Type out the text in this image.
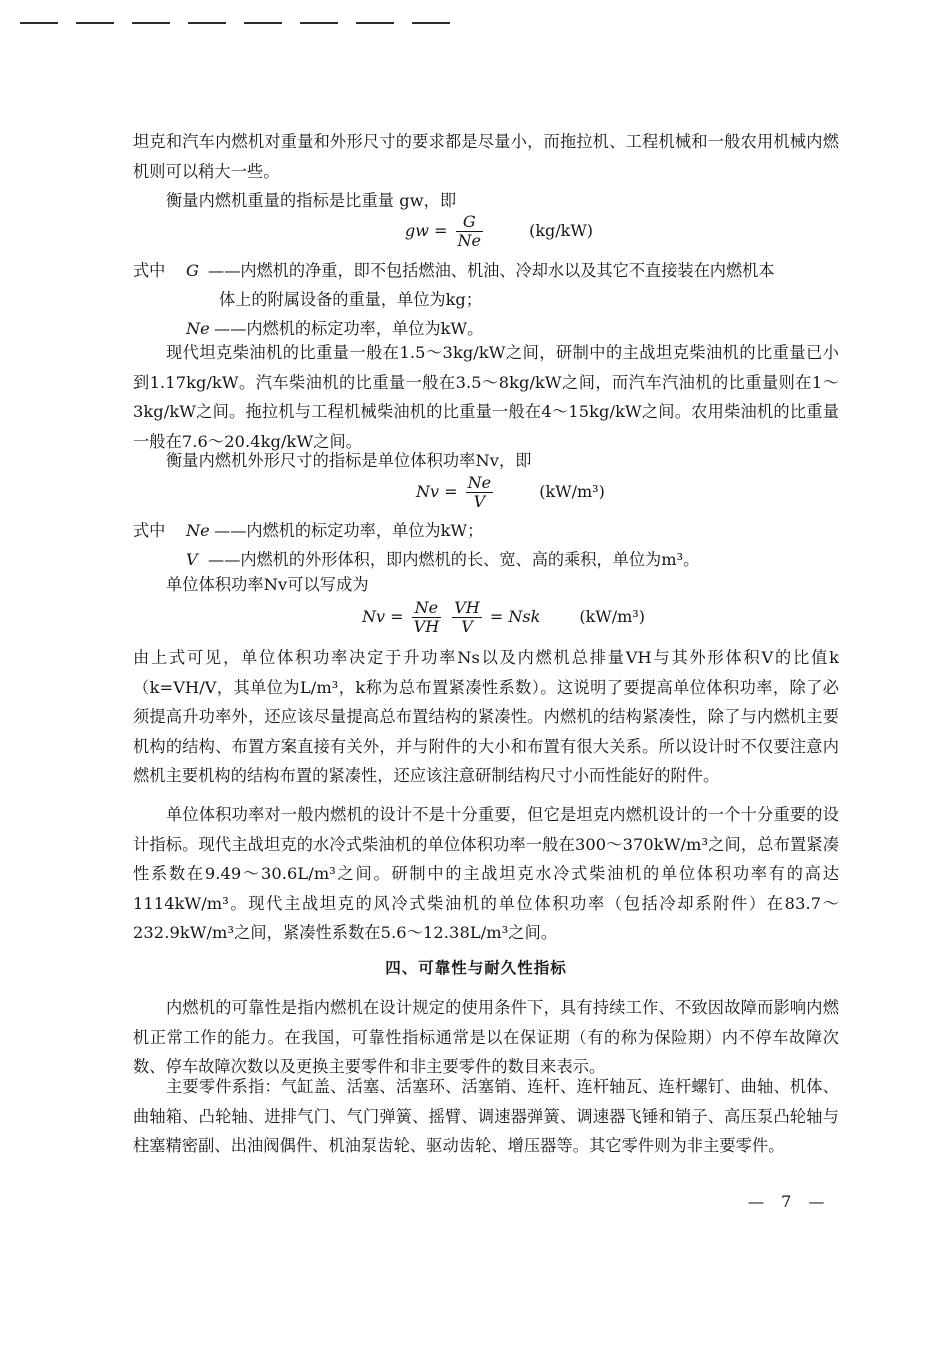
坦克和汽车内燃机对重量和外形尺寸的要求都是尽量小，而拖拉机、工程机械和一般农用机械内燃机则可以稍大一些。

衡量内燃机重量的指标是比重量 gw，即

gw = $\frac{G}{Ne}$	(kg/kW)
式中 G ——内燃机的净重，即不包括燃油、机油、冷却水以及其它不直接装在内燃机本
体上的附属设备的重量，单位为kg；
Ne ——内燃机的标定功率，单位为kW。

现代坦克柴油机的比重量一般在1.5～3kg/kW之间，研制中的主战坦克柴油机的比重量已小到1.17kg/kW。汽车柴油机的比重量一般在3.5～8kg/kW之间，而汽车汽油机的比重量则在1～3kg/kW之间。拖拉机与工程机械柴油机的比重量一般在4～15kg/kW之间。农用柴油机的比重量一般在7.6～20.4kg/kW之间。

衡量内燃机外形尺寸的指标是单位体积功率Nv，即

$Nv = \frac{Ne}{V}$	(kW/m³)
式中 Ne ——内燃机的标定功率，单位为kW；
V ——内燃机的外形体积，即内燃机的长、宽、高的乘积，单位为m³。

单位体积功率Nv可以写成为

$Nv = \frac{Ne}{VH}$
$\frac{VH}{V}$ = Nsk (kW/m³)

由上式可见，单位体积功率决定于升功率Ns以及内燃机总排量VH与其外形体积V的比值k（k=VH/V，其单位为L/m³，k称为总布置紧凑性系数）。这说明了要提高单位体积功率，除了必须提高升功率外，还应该尽量提高总布置结构的紧凑性。内燃机的结构紧凑性，除了与内燃机主要机构的结构、布置方案直接有关外，并与附件的大小和布置有很大关系。所以设计时不仅要注意内燃机主要机构的结构布置的紧凑性，还应该注意研制结构尺寸小而性能好的附件。

单位体积功率对一般内燃机的设计不是十分重要，但它是坦克内燃机设计的一个十分重要的设计指标。现代主战坦克的水冷式柴油机的单位体积功率一般在300～370kW/m³之间，总布置紧凑性系数在9.49～30.6L/m³之间。研制中的主战坦克水冷式柴油机的单位体积功率有的高达1114kW/m³。现代主战坦克的风冷式柴油机的单位体积功率（包括冷却系附件）在83.7～232.9kW/m³之间，紧凑性系数在5.6～12.38L/m³之间。

四、可靠性与耐久性指标

内燃机的可靠性是指内燃机在设计规定的使用条件下，具有持续工作、不致因故障而影响内燃机正常工作的能力。在我国，可靠性指标通常是以在保证期（有的称为保险期）内不停车故障次数、停车故障次数以及更换主要零件和非主要零件的数目来表示。

主要零件系指：气缸盖、活塞、活塞环、活塞销、连杆、连杆轴瓦、连杆螺钉、曲轴、机体、曲轴箱、凸轮轴、进排气门、气门弹簧、摇臂、调速器弹簧、调速器飞锤和销子、高压泵凸轮轴与柱塞精密副、出油阀偶件、机油泵齿轮、驱动齿轮、增压器等。其它零件则为非主要零件。

— 7 —
